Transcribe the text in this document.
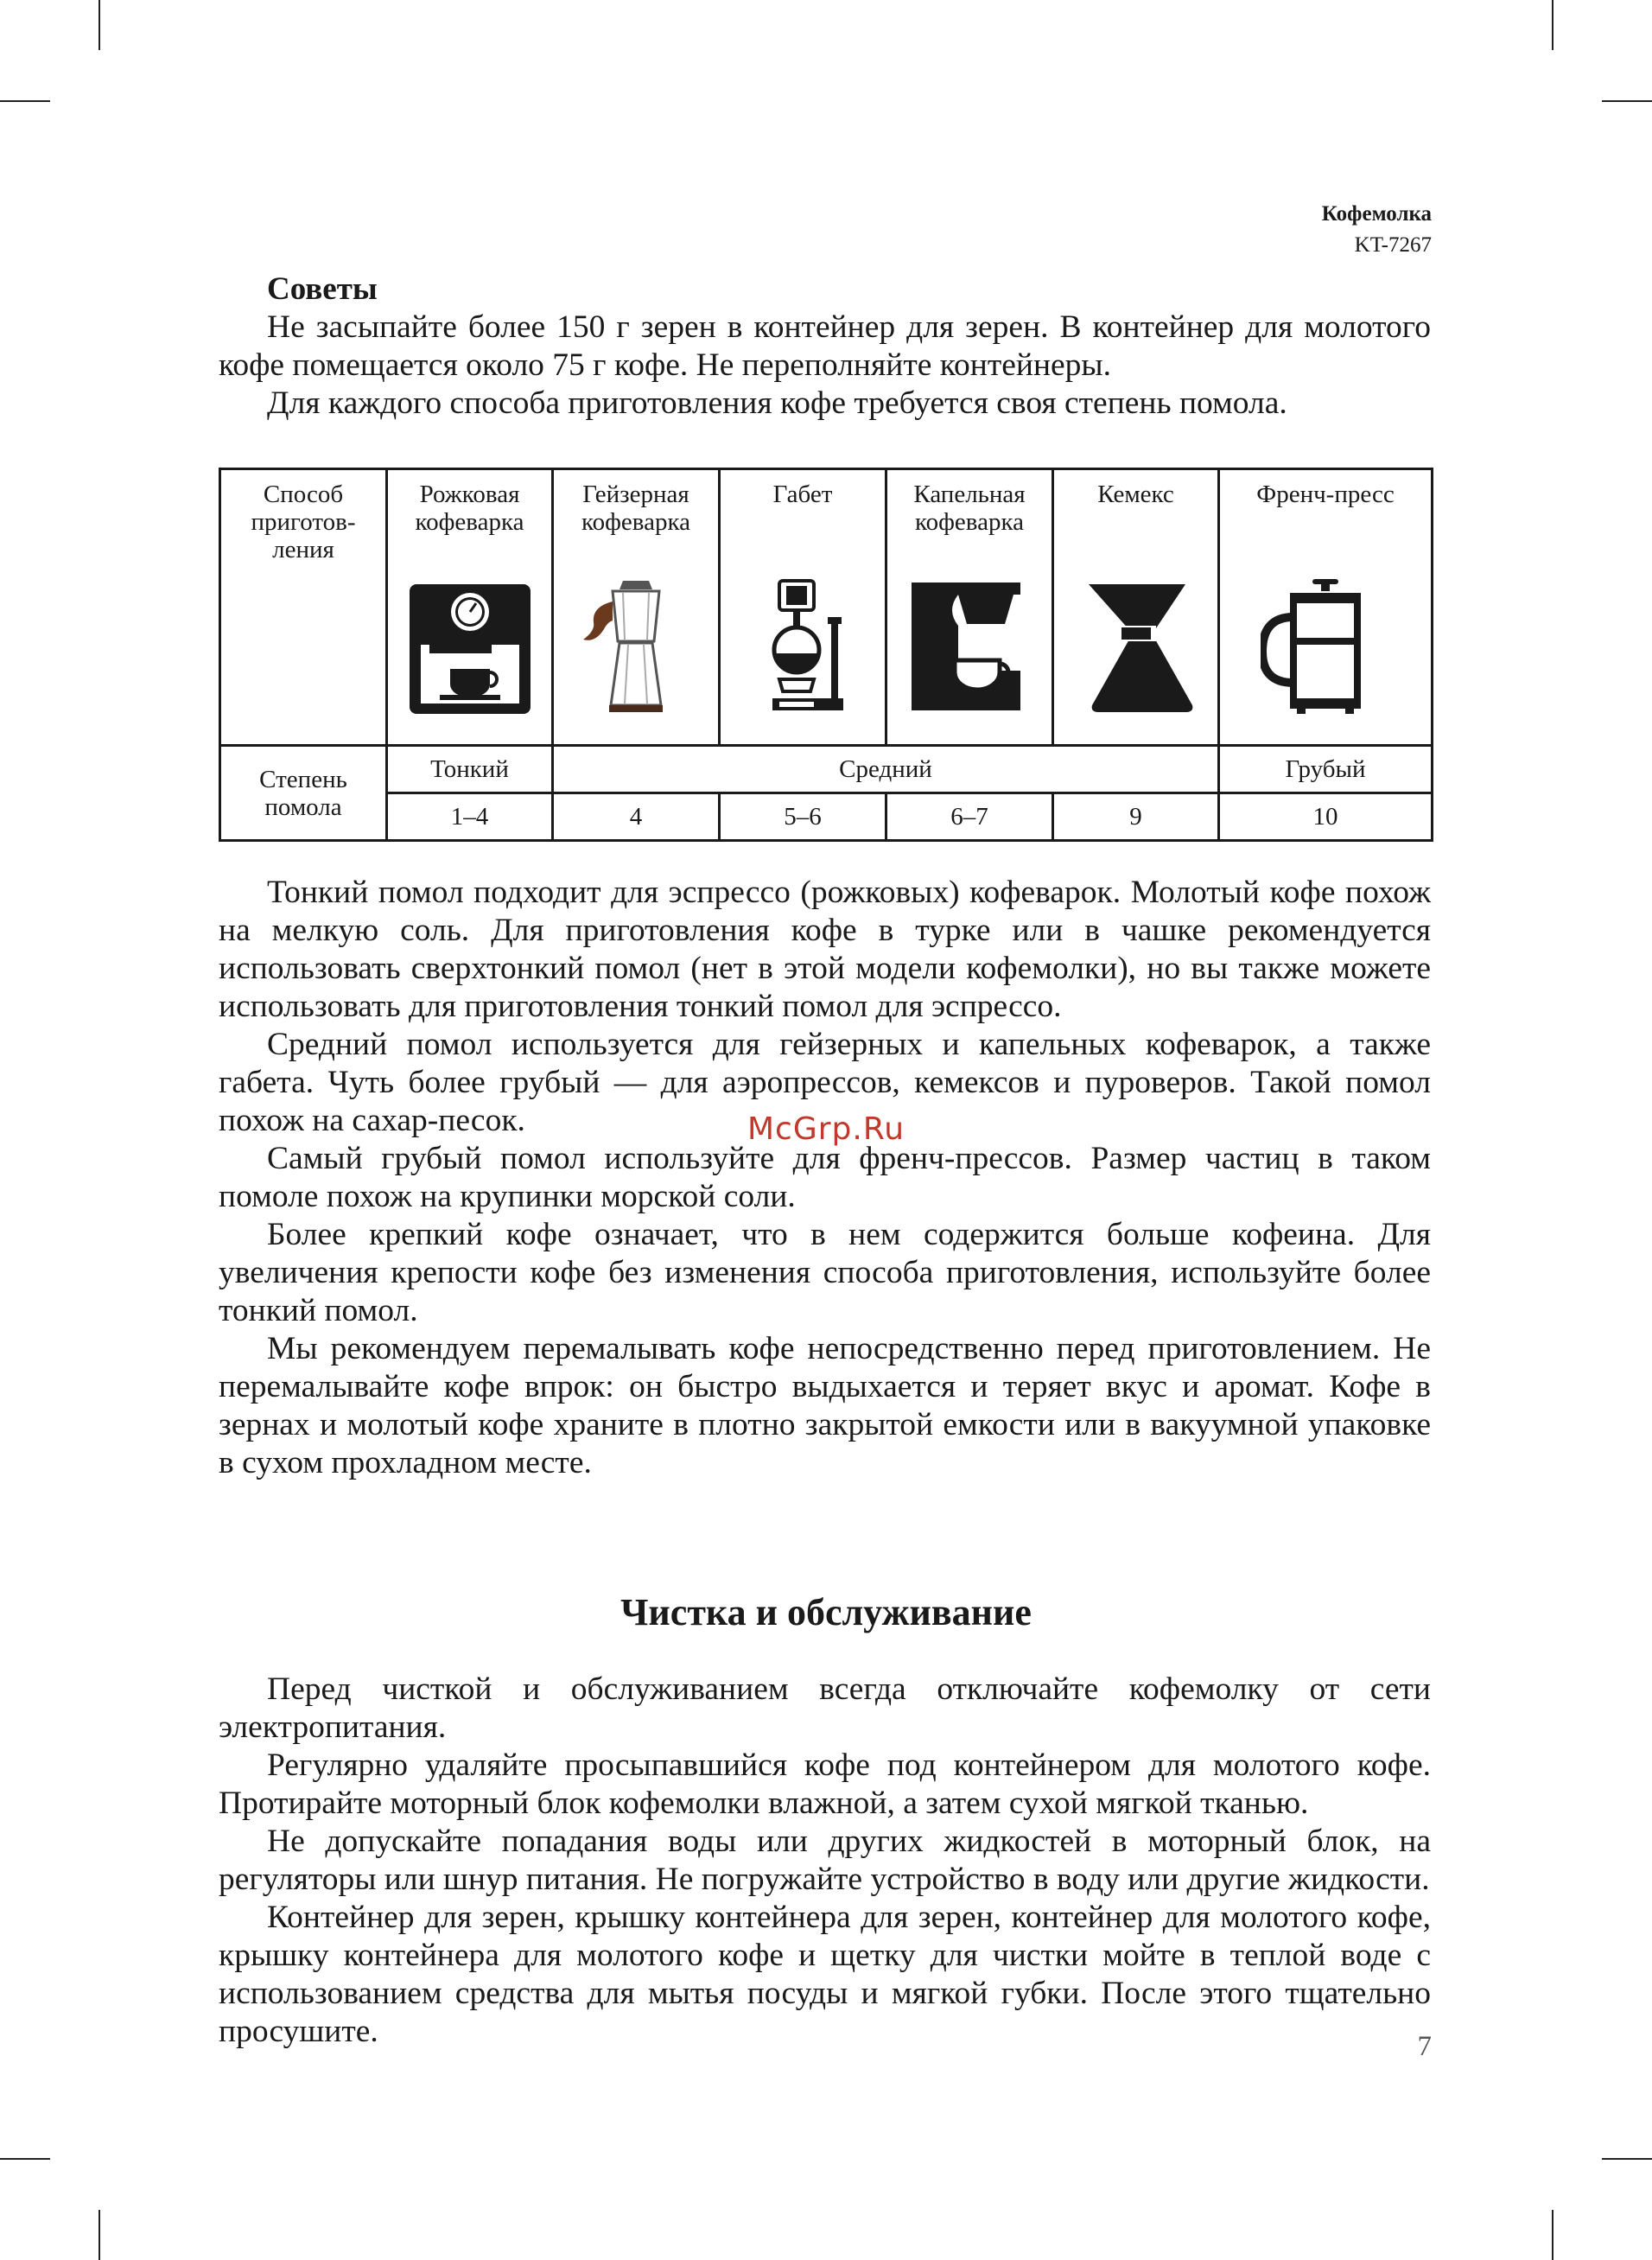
Кофемолка
KT-7267
Советы

Не засыпайте более 150 г зерен в контейнер для зерен. В контейнер для молотого кофе помещается около 75 г кофе. Не переполняйте контейнеры.

Для каждого способа приготовления кофе требуется своя степень помола.

Способ приготов-ления	Рожковая кофеварка	Гейзерная кофеварка	Габет	Капельная кофеварка	Кемекс	Френч-пресс

Степень помола	Тонкий	Средний				Грубый
	1–4	4	5–6	6–7	9	10

Тонкий помол подходит для эспрессо (рожковых) кофеварок. Молотый кофе похож на мелкую соль. Для приготовления кофе в турке или в чашке рекомендуется использовать сверхтонкий помол (нет в этой модели кофемолки), но вы также можете использовать для приготовления тонкий помол для эспрессо.

Средний помол используется для гейзерных и капельных кофеварок, а также габета. Чуть более грубый — для аэропрессов, кемексов и пуроверов. Такой помол похож на сахар-песок.

Самый грубый помол используйте для френч-прессов. Размер частиц в таком помоле похож на крупинки морской соли.

Более крепкий кофе означает, что в нем содержится больше кофеина. Для увеличения крепости кофе без изменения способа приготовления, используйте более тонкий помол.

Мы рекомендуем перемалывать кофе непосредственно перед приготовлением. Не перемалывайте кофе впрок: он быстро выдыхается и теряет вкус и аромат. Кофе в зернах и молотый кофе храните в плотно закрытой емкости или в вакуумной упаковке в сухом прохладном месте.

McGrp.Ru
Чистка и обслуживание

Перед чисткой и обслуживанием всегда отключайте кофемолку от сети электропитания.

Регулярно удаляйте просыпавшийся кофе под контейнером для молотого кофе. Протирайте моторный блок кофемолки влажной, а затем сухой мягкой тканью.

Не допускайте попадания воды или других жидкостей в моторный блок, на регуляторы или шнур питания. Не погружайте устройство в воду или другие жидкости.

Контейнер для зерен, крышку контейнера для зерен, контейнер для молотого кофе, крышку контейнера для молотого кофе и щетку для чистки мойте в теплой воде с использованием средства для мытья посуды и мягкой губки. После этого тщательно просушите.	7
